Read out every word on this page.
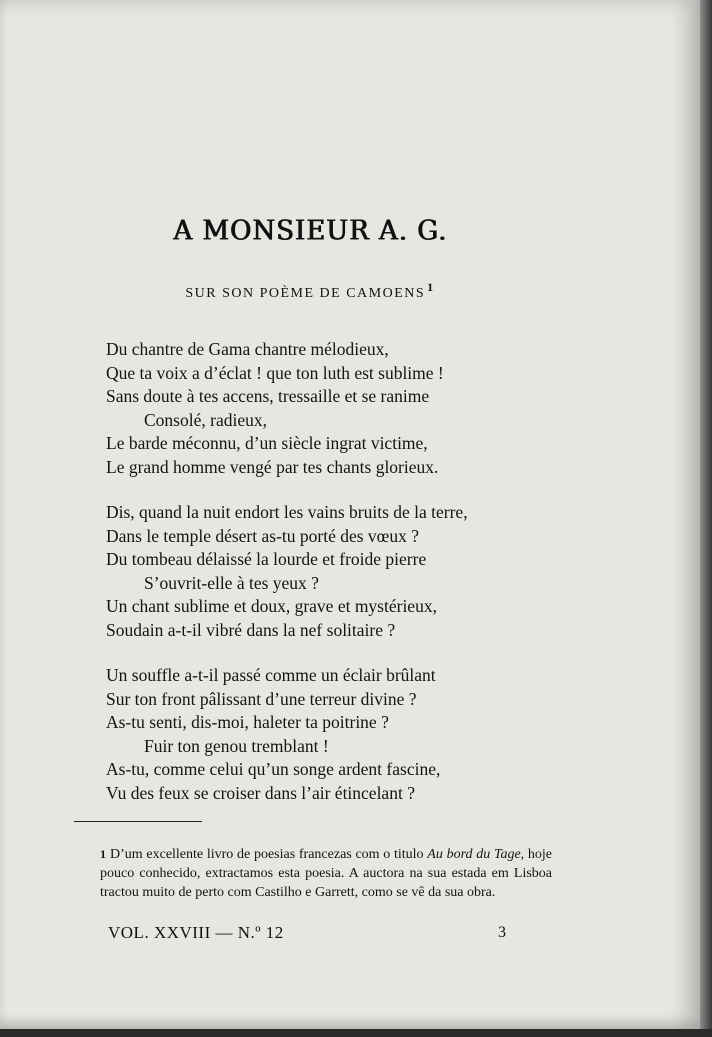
A MONSIEUR A. G.
SUR SON POÈME DE CAMOENS $^1$
Du chantre de Gama chantre mélodieux,
Que ta voix a d’éclat ! que ton luth est sublime !
Sans doute à tes accens, tressaille et se ranime
Consolé, radieux,
Le barde méconnu, d’un siècle ingrat victime,
Le grand homme vengé par tes chants glorieux.
Dis, quand la nuit endort les vains bruits de la terre,
Dans le temple désert as-tu porté des vœux ?
Du tombeau délaissé la lourde et froide pierre
S’ouvrit-elle à tes yeux ?
Un chant sublime et doux, grave et mystérieux,
Soudain a-t-il vibré dans la nef solitaire ?
Un souffle a-t-il passé comme un éclair brûlant
Sur ton front pâlissant d’une terreur divine ?
As-tu senti, dis-moi, haleter ta poitrine ?
Fuir ton genou tremblant !
As-tu, comme celui qu’un songe ardent fascine,
Vu des feux se croiser dans l’air étincelant ?
1 D’um excellente livro de poesias francezas com o titulo Au bord du Tage, hoje pouco conhecido, extractamos esta poesia. A auctora na sua estada em Lisboa tractou muito de perto com Castilho e Garrett, como se vê da sua obra.
VOL. XXVIII — N.º 12	3
